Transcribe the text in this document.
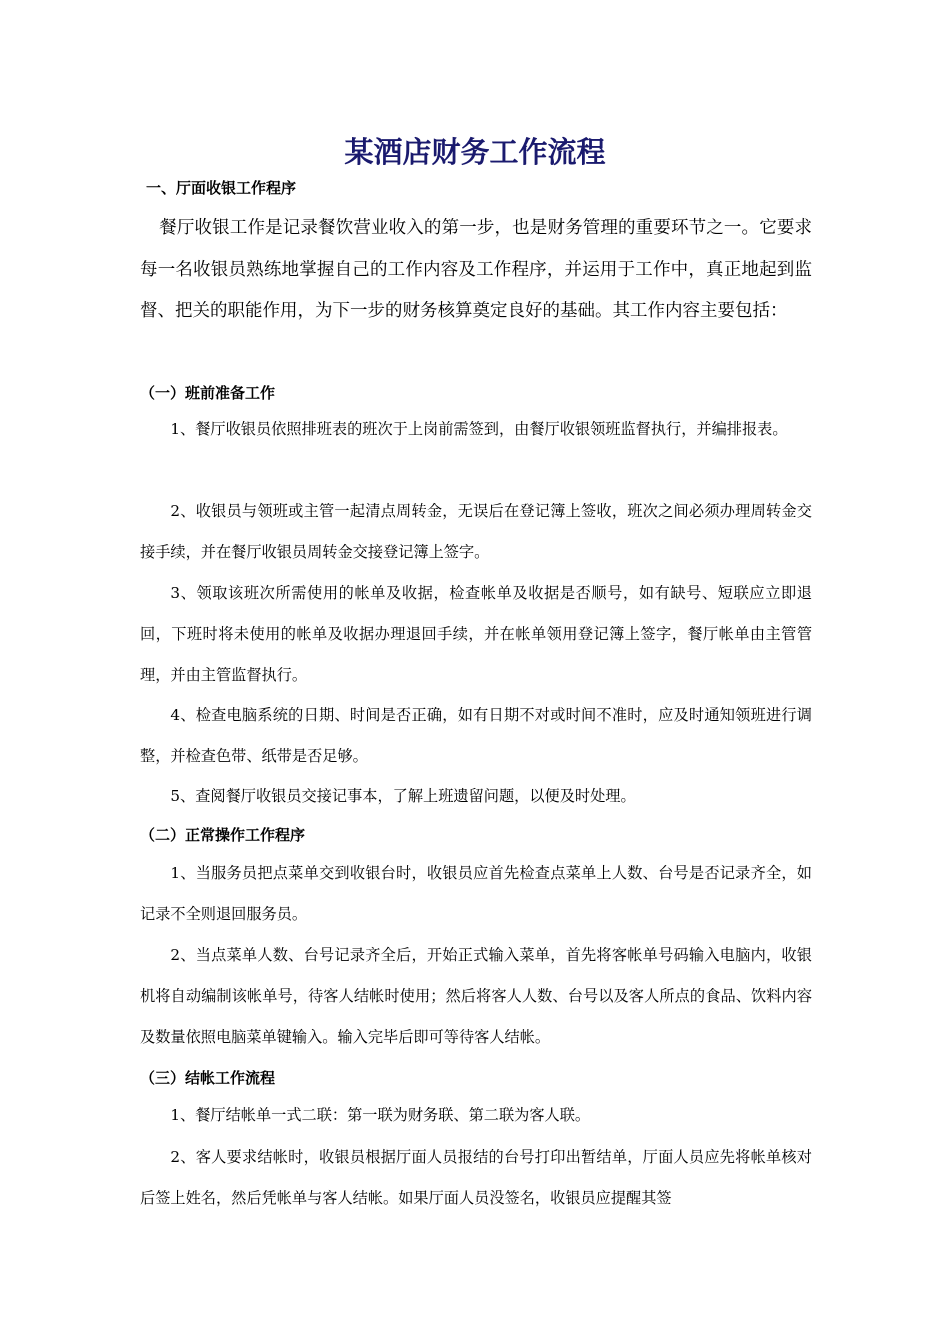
某酒店财务工作流程
一、厅面收银工作程序

餐厅收银工作是记录餐饮营业收入的第一步，也是财务管理的重要环节之一。它要求每一名收银员熟练地掌握自己的工作内容及工作程序，并运用于工作中，真正地起到监督、把关的职能作用，为下一步的财务核算奠定良好的基础。其工作内容主要包括：

（一）班前准备工作

1、餐厅收银员依照排班表的班次于上岗前需签到，由餐厅收银领班监督执行，并编排报表。

2、收银员与领班或主管一起清点周转金，无误后在登记簿上签收，班次之间必须办理周转金交接手续，并在餐厅收银员周转金交接登记簿上签字。

3、领取该班次所需使用的帐单及收据，检查帐单及收据是否顺号，如有缺号、短联应立即退回，下班时将未使用的帐单及收据办理退回手续，并在帐单领用登记簿上签字，餐厅帐单由主管管理，并由主管监督执行。

4、检查电脑系统的日期、时间是否正确，如有日期不对或时间不准时，应及时通知领班进行调整，并检查色带、纸带是否足够。

5、查阅餐厅收银员交接记事本，了解上班遗留问题，以便及时处理。

（二）正常操作工作程序

1、当服务员把点菜单交到收银台时，收银员应首先检查点菜单上人数、台号是否记录齐全，如记录不全则退回服务员。

2、当点菜单人数、台号记录齐全后，开始正式输入菜单，首先将客帐单号码输入电脑内，收银机将自动编制该帐单号，待客人结帐时使用；然后将客人人数、台号以及客人所点的食品、饮料内容及数量依照电脑菜单键输入。输入完毕后即可等待客人结帐。

（三）结帐工作流程

1、餐厅结帐单一式二联：第一联为财务联、第二联为客人联。

2、客人要求结帐时，收银员根据厅面人员报结的台号打印出暂结单，厅面人员应先将帐单核对后签上姓名，然后凭帐单与客人结帐。如果厅面人员没签名，收银员应提醒其签
